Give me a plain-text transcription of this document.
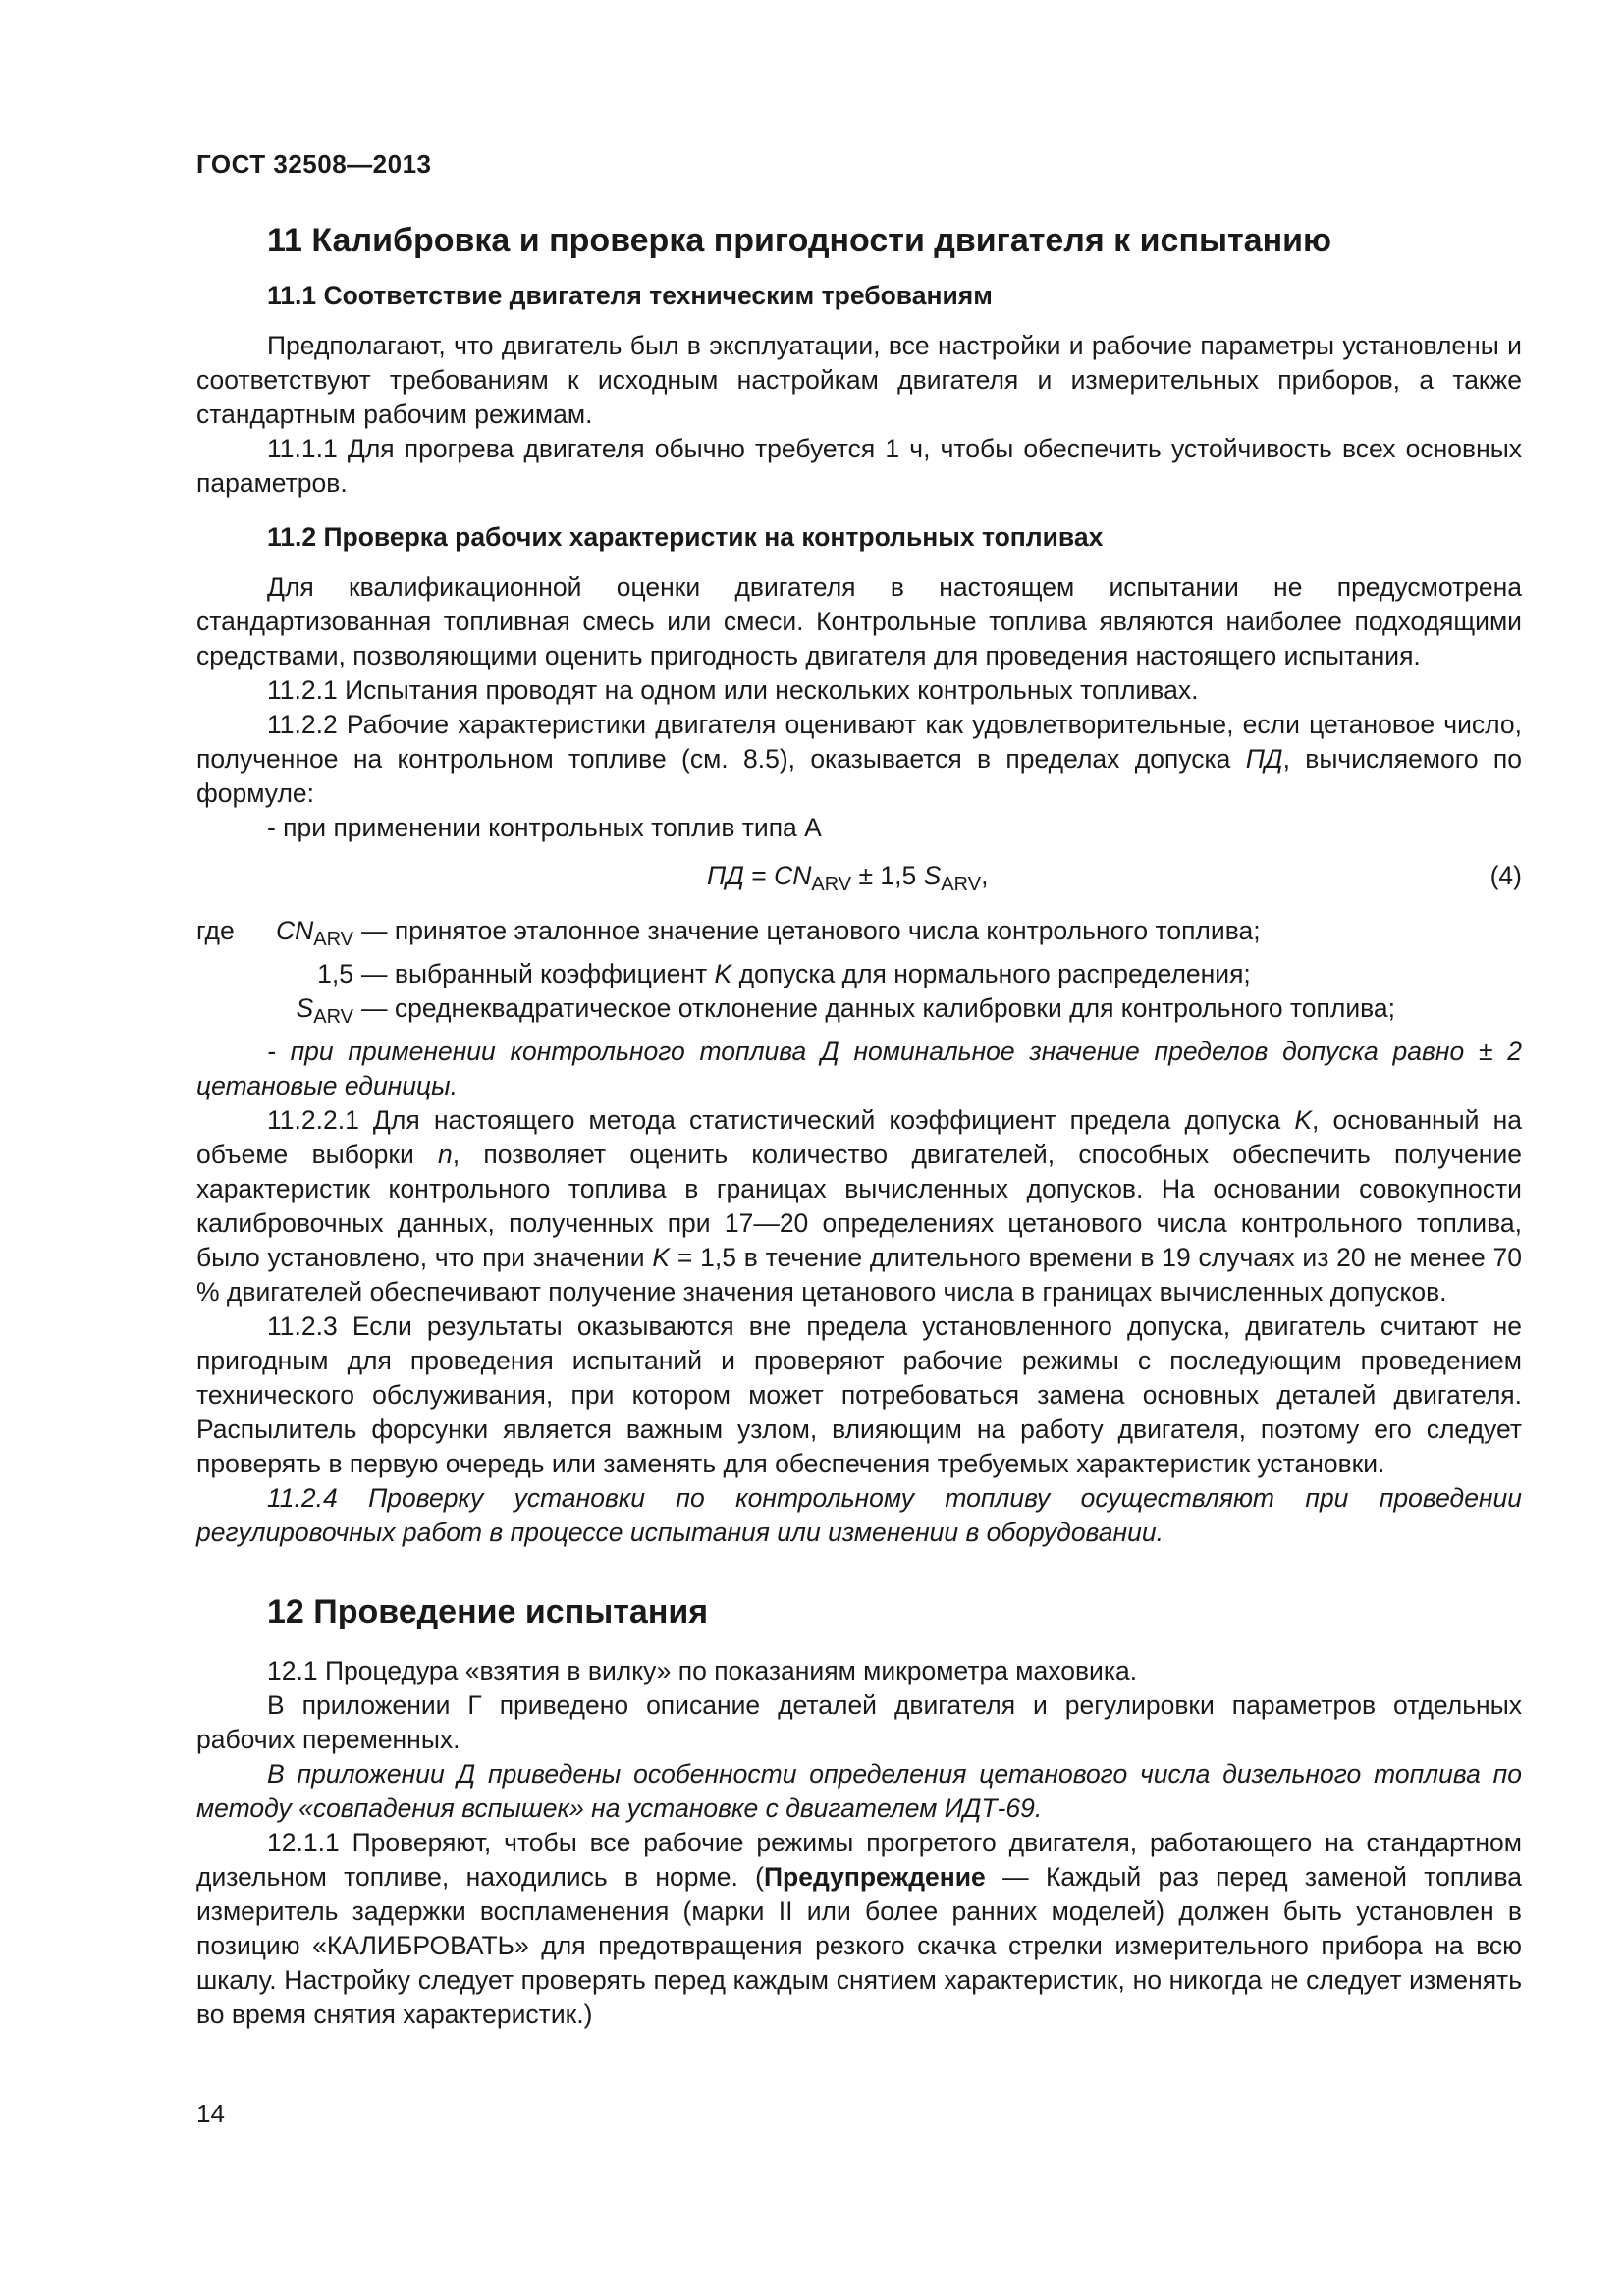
ГОСТ 32508—2013
11 Калибровка и проверка пригодности двигателя к испытанию
11.1 Соответствие двигателя техническим требованиям

Предполагают, что двигатель был в эксплуатации, все настройки и рабочие параметры установлены и соответствуют требованиям к исходным настройкам двигателя и измерительных приборов, а также стандартным рабочим режимам.

11.1.1 Для прогрева двигателя обычно требуется 1 ч, чтобы обеспечить устойчивость всех основных параметров.

11.2 Проверка рабочих характеристик на контрольных топливах

Для квалификационной оценки двигателя в настоящем испытании не предусмотрена стандартизованная топливная смесь или смеси. Контрольные топлива являются наиболее подходящими средствами, позволяющими оценить пригодность двигателя для проведения настоящего испытания.

11.2.1 Испытания проводят на одном или нескольких контрольных топливах.

11.2.2 Рабочие характеристики двигателя оценивают как удовлетворительные, если цетановое число, полученное на контрольном топливе (см. 8.5), оказывается в пределах допуска ПД, вычисляемого по формуле:

- при применении контрольных топлив типа А

ПД = $CN_{ARV} \pm 1,5$ $S_{ARV}$,	(4)
где	$CN_{ARV}$ — принятое эталонное значение цетанового числа контрольного топлива;
1,5 — выбранный коэффициент K допуска для нормального распределения;
$S_{ARV}$ — среднеквадратическое отклонение данных калибровки для контрольного топлива;

- при применении контрольного топлива Д номинальное значение пределов допуска равно ± 2 цетановые единицы.

11.2.2.1 Для настоящего метода статистический коэффициент предела допуска K, основанный на объеме выборки n, позволяет оценить количество двигателей, способных обеспечить получение характеристик контрольного топлива в границах вычисленных допусков. На основании совокупности калибровочных данных, полученных при 17—20 определениях цетанового числа контрольного топлива, было установлено, что при значении K = 1,5 в течение длительного времени в 19 случаях из 20 не менее 70 % двигателей обеспечивают получение значения цетанового числа в границах вычисленных допусков.

11.2.3 Если результаты оказываются вне предела установленного допуска, двигатель считают не пригодным для проведения испытаний и проверяют рабочие режимы с последующим проведением технического обслуживания, при котором может потребоваться замена основных деталей двигателя. Распылитель форсунки является важным узлом, влияющим на работу двигателя, поэтому его следует проверять в первую очередь или заменять для обеспечения требуемых характеристик установки.

11.2.4 Проверку установки по контрольному топливу осуществляют при проведении регулировочных работ в процессе испытания или изменении в оборудовании.

12 Проведение испытания

12.1 Процедура «взятия в вилку» по показаниям микрометра маховика.

В приложении Г приведено описание деталей двигателя и регулировки параметров отдельных рабочих переменных.

В приложении Д приведены особенности определения цетанового числа дизельного топлива по методу «совпадения вспышек» на установке с двигателем ИДТ-69.

12.1.1 Проверяют, чтобы все рабочие режимы прогретого двигателя, работающего на стандартном дизельном топливе, находились в норме. (Предупреждение — Каждый раз перед заменой топлива измеритель задержки воспламенения (марки II или более ранних моделей) должен быть установлен в позицию «КАЛИБРОВАТЬ» для предотвращения резкого скачка стрелки измерительного прибора на всю шкалу. Настройку следует проверять перед каждым снятием характеристик, но никогда не следует изменять во время снятия характеристик.)

14
